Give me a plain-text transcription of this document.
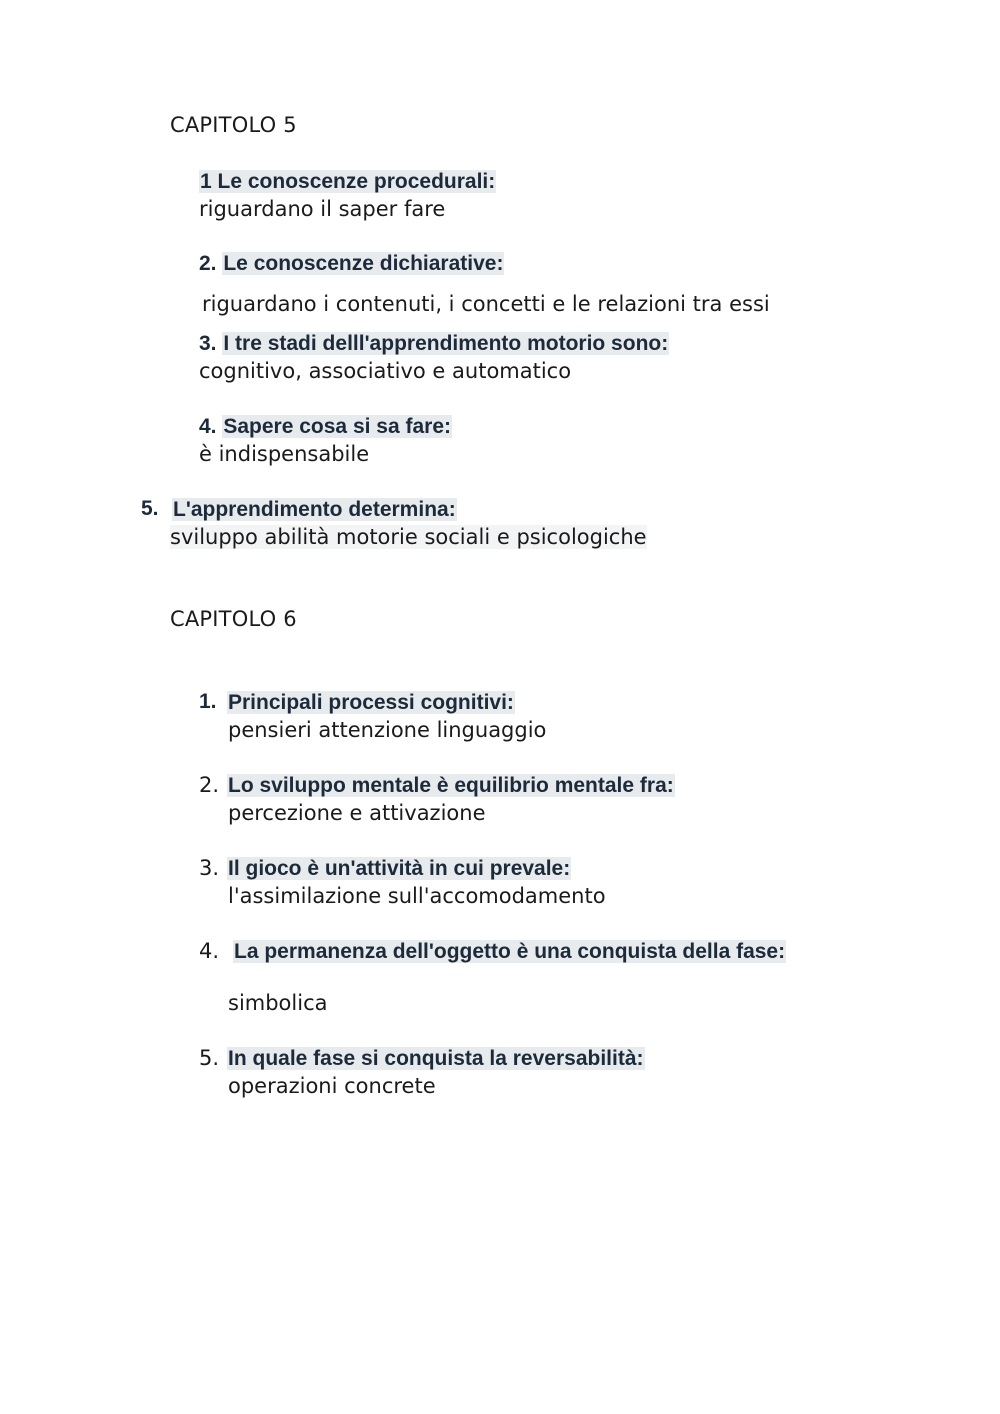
CAPITOLO 5
1 Le conoscenze procedurali:
riguardano il saper fare
2. Le conoscenze dichiarative:
riguardano i contenuti, i concetti e le relazioni tra essi
3. I tre stadi delll'apprendimento motorio sono:
cognitivo, associativo e automatico
4. Sapere cosa si sa fare:
è indispensabile
5. L'apprendimento determina:
sviluppo abilità motorie sociali e psicologiche
CAPITOLO 6
1. Principali processi cognitivi:
pensieri attenzione linguaggio
2. Lo sviluppo mentale è equilibrio mentale fra:
percezione e attivazione
3. Il gioco è un'attività in cui prevale:
l'assimilazione sull'accomodamento
4. La permanenza dell'oggetto è una conquista della fase:
simbolica
5. In quale fase si conquista la reversabilità:
operazioni concrete
